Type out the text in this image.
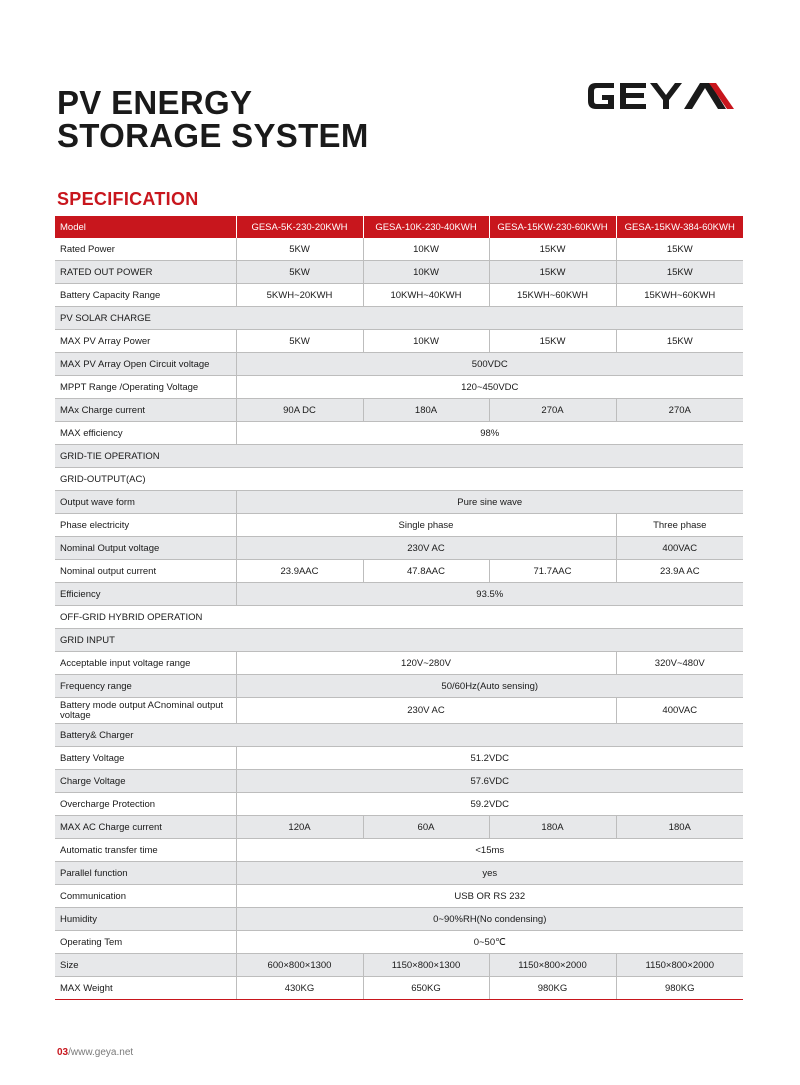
PV ENERGY
STORAGE SYSTEM
SPECIFICATION
Model	GESA-5K-230-20KWH	GESA-10K-230-40KWH	GESA-15KW-230-60KWH	GESA-15KW-384-60KWH
Rated Power	5KW	10KW	15KW	15KW
RATED OUT POWER	5KW	10KW	15KW	15KW
Battery Capacity Range	5KWH~20KWH	10KWH~40KWH	15KWH~60KWH	15KWH~60KWH
PV SOLAR CHARGE				
MAX PV Array Power	5KW	10KW	15KW	15KW
MAX PV Array Open Circuit voltage	500VDC			
MPPT Range /Operating Voltage	120~450VDC			
MAx Charge current	90A DC	180A	270A	270A
MAX efficiency	98%			
GRID-TIE OPERATION				
GRID-OUTPUT(AC)				
Output wave form	Pure sine wave			
Phase electricity	Single phase			Three phase
Nominal Output voltage	230V AC			400VAC
Nominal output current	23.9AAC	47.8AAC	71.7AAC	23.9A AC
Efficiency	93.5%			
OFF-GRID HYBRID OPERATION				
GRID INPUT				
Acceptable input voltage range	120V~280V			320V~480V
Frequency range	50/60Hz(Auto sensing)			
Battery mode output ACnominal output voltage	230V AC			400VAC
Battery& Charger				
Battery Voltage	51.2VDC			
Charge Voltage	57.6VDC			
Overcharge Protection	59.2VDC			
MAX AC Charge current	120A	60A	180A	180A
Automatic transfer time	<15ms			
Parallel function	yes			
Communication	USB OR RS 232			
Humidity	0~90%RH(No condensing)			
Operating Tem	0~50℃			
Size	600×800×1300	1150×800×1300	1150×800×2000	1150×800×2000
MAX Weight	430KG	650KG	980KG	980KG
03/www.geya.net
